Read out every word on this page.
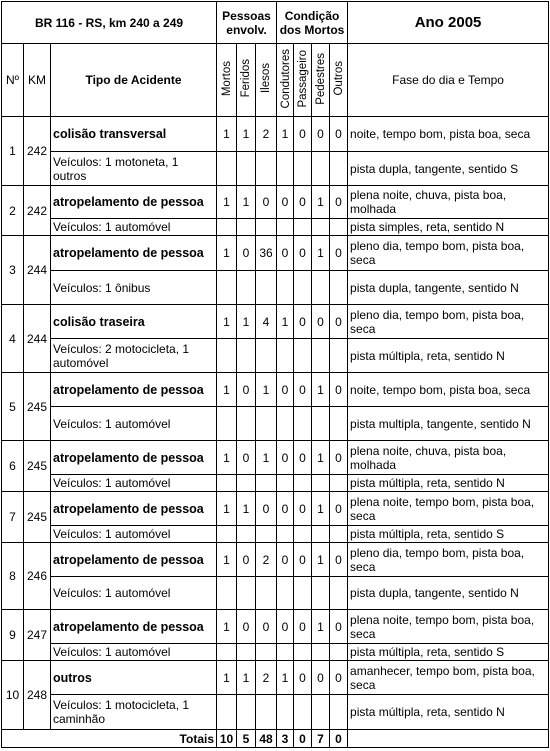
BR 116 - RS, km 240 a 249			Pessoas envolv.			Condição dos Mortos				Ano 2005
Nº	KM	Tipo de Acidente	Mortos	Feridos	Ilesos	Condutores	Passageiro	Pedestres	Outros	Fase do dia e Tempo
1	242	colisão transversal	1	1	2	1	0	0	0	noite, tempo bom, pista boa, seca
		Veículos: 1 motoneta, 1 outros								pista dupla, tangente, sentido S
2	242	atropelamento de pessoa	1	1	0	0	0	1	0	plena noite, chuva, pista boa, molhada
		Veículos: 1 automóvel								pista simples, reta, sentido N
3	244	atropelamento de pessoa	1	0	36	0	0	1	0	pleno dia, tempo bom, pista boa, seca
		Veículos: 1 ônibus								pista dupla, tangente, sentido N
4	244	colisão traseira	1	1	4	1	0	0	0	pleno dia, tempo bom, pista boa, seca
		Veículos: 2 motocicleta, 1 automóvel								pista múltipla, reta, sentido N
5	245	atropelamento de pessoa	1	0	1	0	0	1	0	noite, tempo bom, pista boa, seca
		Veículos: 1 automóvel								pista multipla, tangente, sentido N
6	245	atropelamento de pessoa	1	0	1	0	0	1	0	plena noite, chuva, pista boa, molhada
		Veículos: 1 automóvel								pista múltipla, reta, sentido N
7	245	atropelamento de pessoa	1	1	0	0	0	1	0	plena noite, tempo bom, pista boa, seca
		Veículos: 1 automóvel								pista múltipla, reta, sentido S
8	246	atropelamento de pessoa	1	0	2	0	0	1	0	pleno dia, tempo bom, pista boa, seca
		Veículos: 1 automóvel								pista dupla, tangente, sentido N
9	247	atropelamento de pessoa	1	0	0	0	0	1	0	plena noite, tempo bom, pista boa, seca
		Veículos: 1 automóvel								pista múltipla, reta, sentido S
10	248	outros	1	1	2	1	0	0	0	amanhecer, tempo bom, pista boa, seca
		Veículos: 1 motocicleta, 1 caminhão								pista múltipla, reta, sentido N
Totais			10	5	48	3	0	7	0	
